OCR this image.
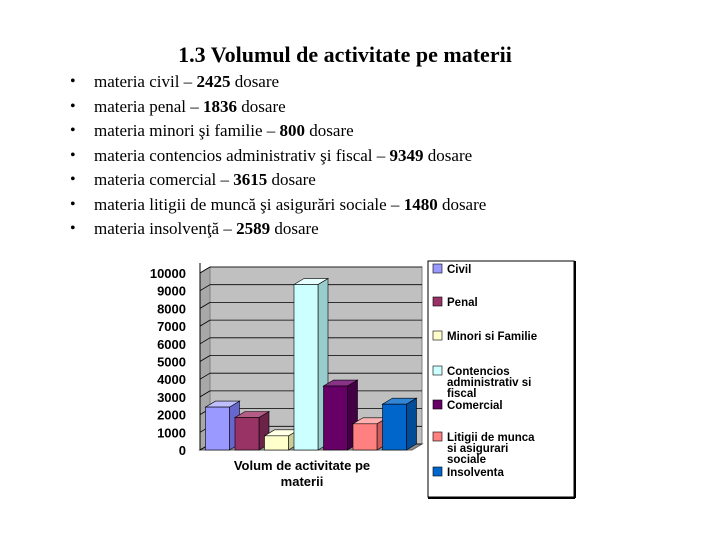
1.3 Volumul de activitate pe materii
• materia civil – 2425 dosare
• materia penal – 1836 dosare
• materia minori şi familie – 800 dosare
• materia contencios administrativ şi fiscal – 9349 dosare
• materia comercial – 3615 dosare
• materia litigii de muncă şi asigurări sociale – 1480 dosare
• materia insolvenţă – 2589 dosare
10000
9000
8000
7000
6000
5000
4000
3000
2000
1000
0
Volum de activitate pe materii
Civil
Penal
Minori si Familie
Contencios administrativ si fiscal
Comercial
Litigii de munca si asigurari sociale
Insolventa
